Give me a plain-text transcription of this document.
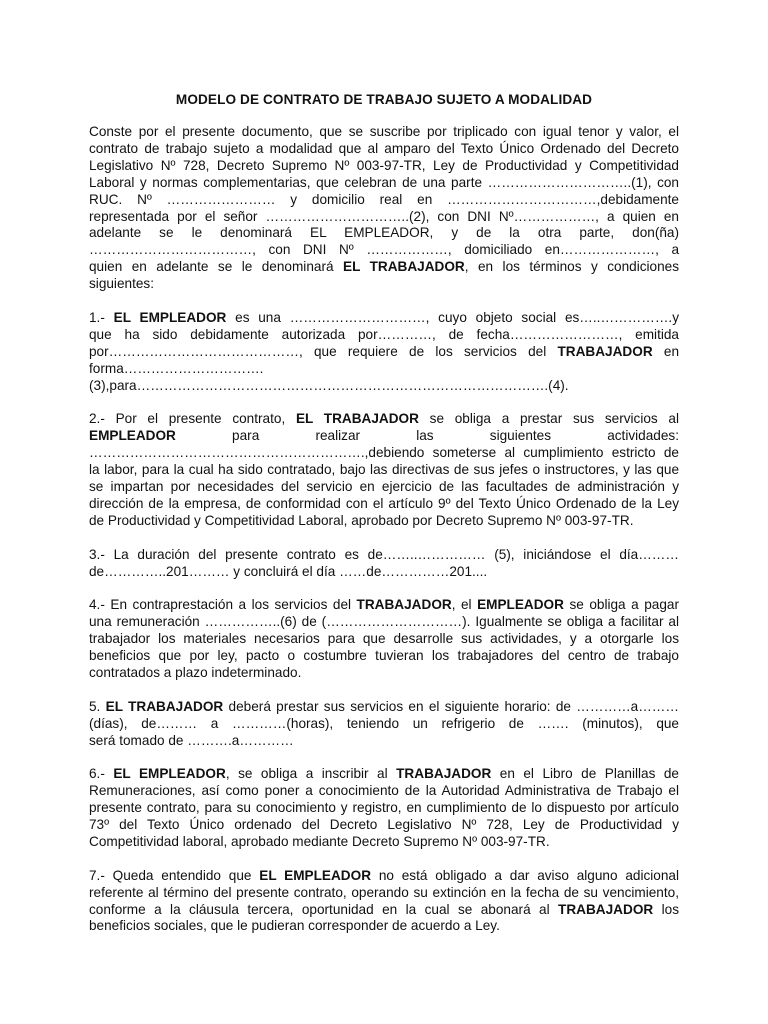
MODELO DE CONTRATO DE TRABAJO SUJETO A MODALIDAD
Conste por el presente documento, que se suscribe por triplicado con igual tenor y valor, el
contrato de trabajo sujeto a modalidad que al amparo del Texto Único Ordenado del Decreto
Legislativo Nº 728, Decreto Supremo Nº 003-97-TR, Ley de Productividad y Competitividad
Laboral y normas complementarias, que celebran de una parte …………………………..(1), con
RUC. Nº …………………… y domicilio real en ……………………………,debidamente
representada por el señor …………………………..(2), con DNI Nº………………, a quien en
adelante se le denominará EL EMPLEADOR, y de la otra parte, don(ña)
………………………………, con DNI Nº ………………, domiciliado en…………………, a
quien en adelante se le denominará EL TRABAJADOR, en los términos y condiciones
siguientes:
1.- EL EMPLEADOR es una …………………………, cuyo objeto social es…..…………….y
que ha sido debidamente autorizada por…………, de fecha……………………, emitida
por……………………………………, que requiere de los servicios del TRABAJADOR en
forma………………………….
(3),para……………………………………………………………………………….(4).
2.- Por el presente contrato, EL TRABAJADOR se obliga a prestar sus servicios al
EMPLEADOR para realizar las siguientes actividades:
…………………………………………………….,debiendo someterse al cumplimiento estricto de
la labor, para la cual ha sido contratado, bajo las directivas de sus jefes o instructores, y las que
se impartan por necesidades del servicio en ejercicio de las facultades de administración y
dirección de la empresa, de conformidad con el artículo 9º del Texto Único Ordenado de la Ley
de Productividad y Competitividad Laboral, aprobado por Decreto Supremo Nº 003-97-TR.
3.- La duración del presente contrato es de……..…………… (5), iniciándose el día………
de…………..201……… y concluirá el día ……de……………201....
4.- En contraprestación a los servicios del TRABAJADOR, el EMPLEADOR se obliga a pagar
una remuneración ……………..(6) de (…………………………). Igualmente se obliga a facilitar al
trabajador los materiales necesarios para que desarrolle sus actividades, y a otorgarle los
beneficios que por ley, pacto o costumbre tuvieran los trabajadores del centro de trabajo
contratados a plazo indeterminado.
5. EL TRABAJADOR deberá prestar sus servicios en el siguiente horario: de …………a………
(días), de……… a …………(horas), teniendo un refrigerio de ……. (minutos), que
será tomado de ……….a…………
6.- EL EMPLEADOR, se obliga a inscribir al TRABAJADOR en el Libro de Planillas de
Remuneraciones, así como poner a conocimiento de la Autoridad Administrativa de Trabajo el
presente contrato, para su conocimiento y registro, en cumplimiento de lo dispuesto por artículo
73º del Texto Único ordenado del Decreto Legislativo Nº 728, Ley de Productividad y
Competitividad laboral, aprobado mediante Decreto Supremo Nº 003-97-TR.
7.- Queda entendido que EL EMPLEADOR no está obligado a dar aviso alguno adicional
referente al término del presente contrato, operando su extinción en la fecha de su vencimiento,
conforme a la cláusula tercera, oportunidad en la cual se abonará al TRABAJADOR los
beneficios sociales, que le pudieran corresponder de acuerdo a Ley.
